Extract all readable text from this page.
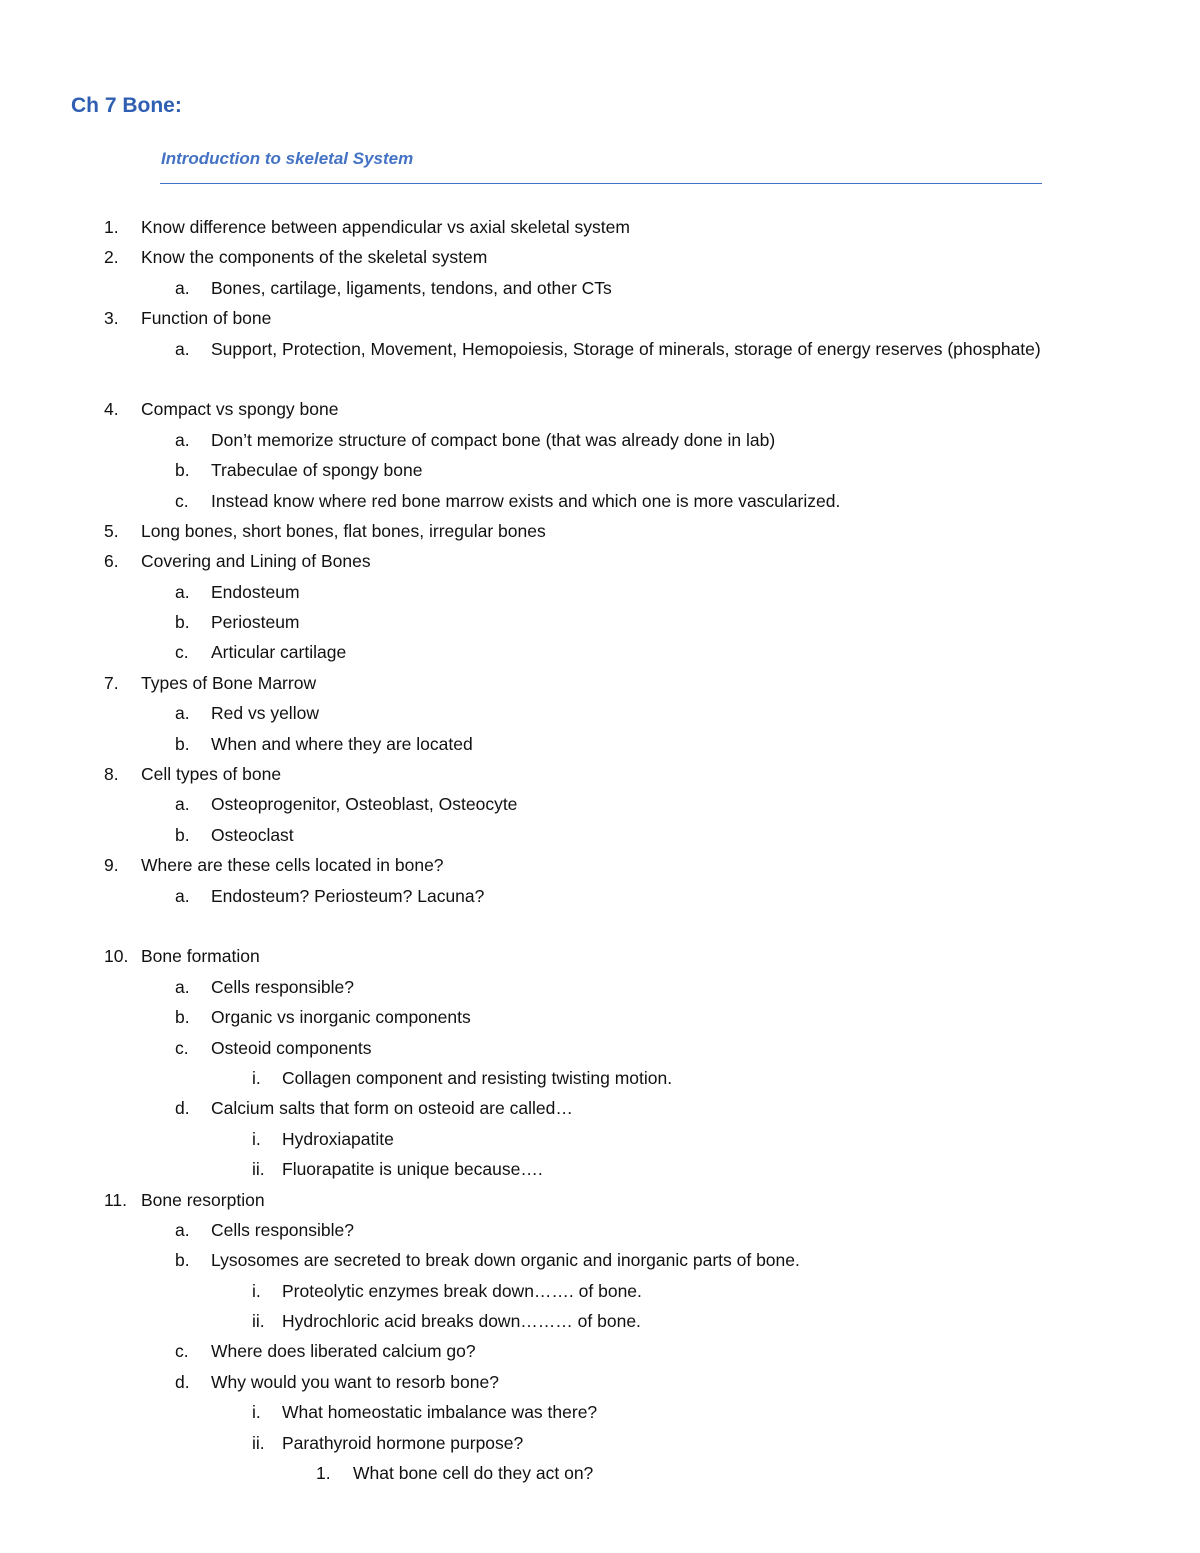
Ch 7 Bone:
Introduction to skeletal System
1. Know difference between appendicular vs axial skeletal system
2. Know the components of the skeletal system
a. Bones, cartilage, ligaments, tendons, and other CTs
3. Function of bone
a. Support, Protection, Movement, Hemopoiesis, Storage of minerals, storage of energy reserves (phosphate)
4. Compact vs spongy bone
a. Don’t memorize structure of compact bone (that was already done in lab)
b. Trabeculae of spongy bone
c. Instead know where red bone marrow exists and which one is more vascularized.
5. Long bones, short bones, flat bones, irregular bones
6. Covering and Lining of Bones
a. Endosteum
b. Periosteum
c. Articular cartilage
7. Types of Bone Marrow
a. Red vs yellow
b. When and where they are located
8. Cell types of bone
a. Osteoprogenitor, Osteoblast, Osteocyte
b. Osteoclast
9. Where are these cells located in bone?
a. Endosteum? Periosteum? Lacuna?
10. Bone formation
a. Cells responsible?
b. Organic vs inorganic components
c. Osteoid components
i. Collagen component and resisting twisting motion.
d. Calcium salts that form on osteoid are called…
i. Hydroxiapatite
ii. Fluorapatite is unique because….
11. Bone resorption
a. Cells responsible?
b. Lysosomes are secreted to break down organic and inorganic parts of bone.
i. Proteolytic enzymes break down……. of bone.
ii. Hydrochloric acid breaks down……… of bone.
c. Where does liberated calcium go?
d. Why would you want to resorb bone?
i. What homeostatic imbalance was there?
ii. Parathyroid hormone purpose?
1. What bone cell do they act on?
